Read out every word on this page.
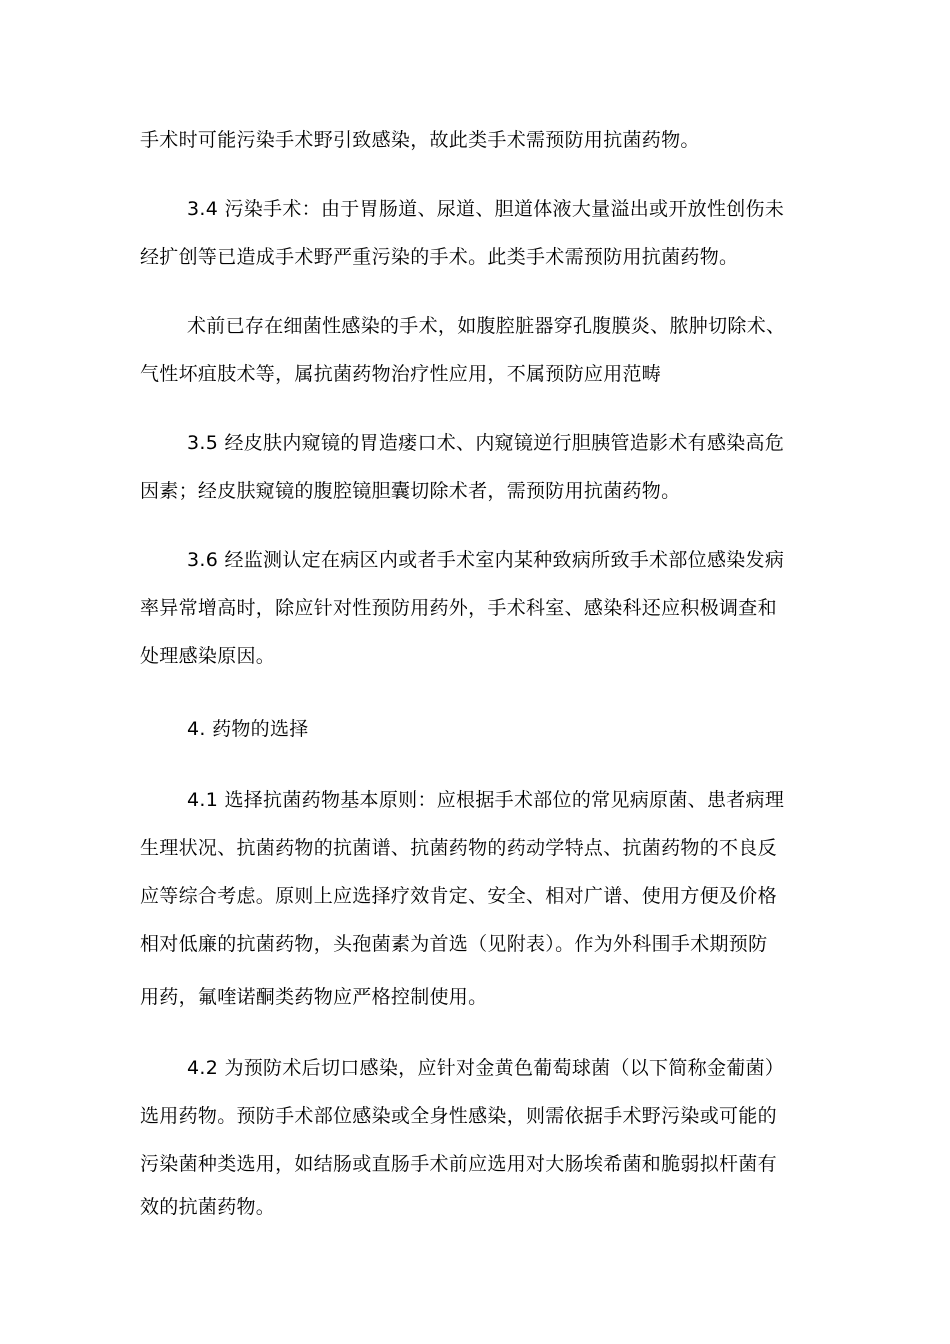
手术时可能污染手术野引致感染，故此类手术需预防用抗菌药物。
3.4 污染手术：由于胃肠道、尿道、胆道体液大量溢出或开放性创伤未
经扩创等已造成手术野严重污染的手术。此类手术需预防用抗菌药物。
术前已存在细菌性感染的手术，如腹腔脏器穿孔腹膜炎、脓肿切除术、
气性坏疽肢术等，属抗菌药物治疗性应用，不属预防应用范畴
3.5 经皮肤内窥镜的胃造瘘口术、内窥镜逆行胆胰管造影术有感染高危
因素；经皮肤窥镜的腹腔镜胆囊切除术者，需预防用抗菌药物。
3.6 经监测认定在病区内或者手术室内某种致病所致手术部位感染发病
率异常增高时，除应针对性预防用药外，手术科室、感染科还应积极调查和
处理感染原因。
4. 药物的选择
4.1 选择抗菌药物基本原则：应根据手术部位的常见病原菌、患者病理
生理状况、抗菌药物的抗菌谱、抗菌药物的药动学特点、抗菌药物的不良反
应等综合考虑。原则上应选择疗效肯定、安全、相对广谱、使用方便及价格
相对低廉的抗菌药物，头孢菌素为首选（见附表）。作为外科围手术期预防
用药，氟喹诺酮类药物应严格控制使用。
4.2 为预防术后切口感染，应针对金黄色葡萄球菌（以下简称金葡菌）
选用药物。预防手术部位感染或全身性感染，则需依据手术野污染或可能的
污染菌种类选用，如结肠或直肠手术前应选用对大肠埃希菌和脆弱拟杆菌有
效的抗菌药物。
